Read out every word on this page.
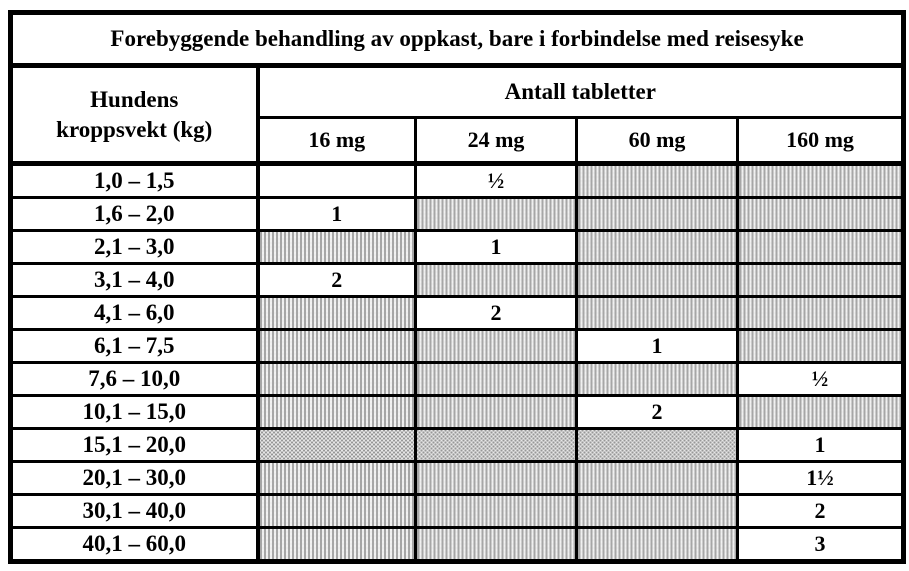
Forebyggende behandling av oppkast, bare i forbindelse med reisesyke				
Hundens kroppsvekt (kg)	Antall tabletter			
	16 mg	24 mg	60 mg	160 mg
1,0 – 1,5		½		
1,6 – 2,0	1			
2,1 – 3,0		1		
3,1 – 4,0	2			
4,1 – 6,0		2		
6,1 – 7,5			1	
7,6 – 10,0				½
10,1 – 15,0			2	
15,1 – 20,0				1
20,1 – 30,0				1½
30,1 – 40,0				2
40,1 – 60,0				3
